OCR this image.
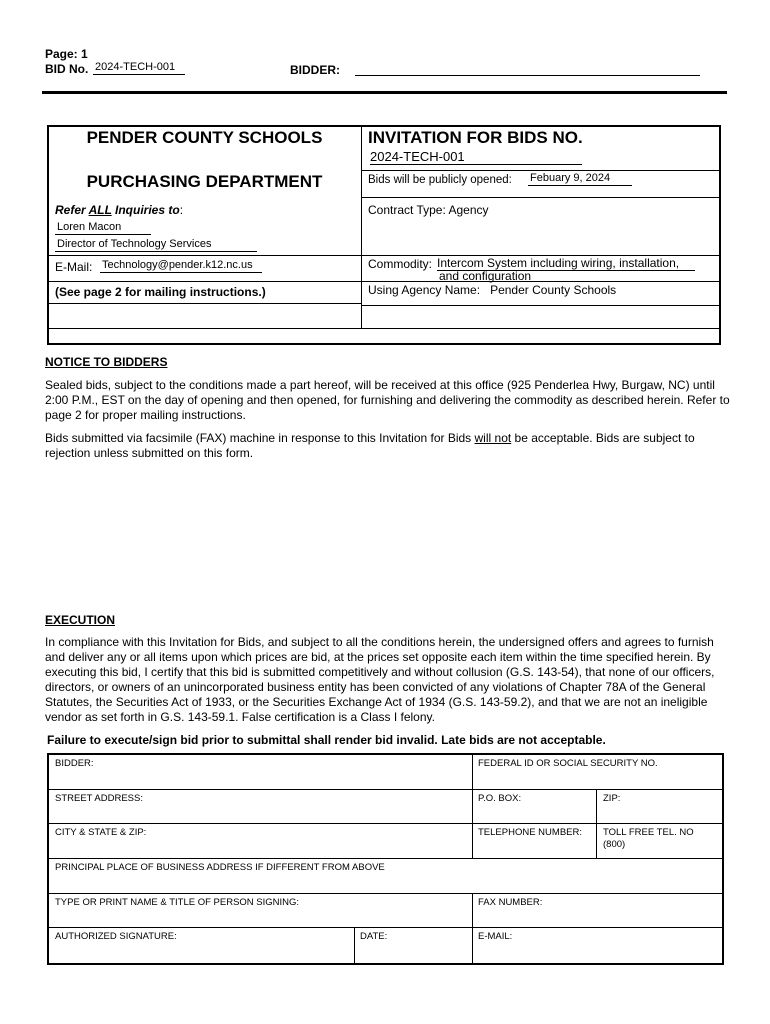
Page: 1
BID No. 2024-TECH-001	BIDDER:
PENDER COUNTY SCHOOLS
PURCHASING DEPARTMENT
Refer ALL Inquiries to:
Loren Macon
Director of Technology Services
E-Mail: Technology@pender.k12.nc.us
(See page 2 for mailing instructions.)
INVITATION FOR BIDS NO.
2024-TECH-001
Bids will be publicly opened: Febuary 9, 2024
Contract Type: Agency
Commodity: Intercom System including wiring, installation,
and configuration
Using Agency Name: Pender County Schools
NOTICE TO BIDDERS
Sealed bids, subject to the conditions made a part hereof, will be received at this office (925 Penderlea Hwy, Burgaw, NC) until 2:00 P.M., EST on the day of opening and then opened, for furnishing and delivering the commodity as described herein. Refer to page 2 for proper mailing instructions.
Bids submitted via facsimile (FAX) machine in response to this Invitation for Bids will not be acceptable. Bids are subject to rejection unless submitted on this form.
EXECUTION
In compliance with this Invitation for Bids, and subject to all the conditions herein, the undersigned offers and agrees to furnish and deliver any or all items upon which prices are bid, at the prices set opposite each item within the time specified herein. By executing this bid, I certify that this bid is submitted competitively and without collusion (G.S. 143-54), that none of our officers, directors, or owners of an unincorporated business entity has been convicted of any violations of Chapter 78A of the General Statutes, the Securities Act of 1933, or the Securities Exchange Act of 1934 (G.S. 143-59.2), and that we are not an ineligible vendor as set forth in G.S. 143-59.1. False certification is a Class I felony.
Failure to execute/sign bid prior to submittal shall render bid invalid. Late bids are not acceptable.
BIDDER:	FEDERAL ID OR SOCIAL SECURITY NO.
STREET ADDRESS:	P.O. BOX:	ZIP:
CITY & STATE & ZIP:	TELEPHONE NUMBER: TOLL FREE TEL. NO (800)
PRINCIPAL PLACE OF BUSINESS ADDRESS IF DIFFERENT FROM ABOVE
TYPE OR PRINT NAME & TITLE OF PERSON SIGNING:	FAX NUMBER:
AUTHORIZED SIGNATURE:	DATE:	E-MAIL:
